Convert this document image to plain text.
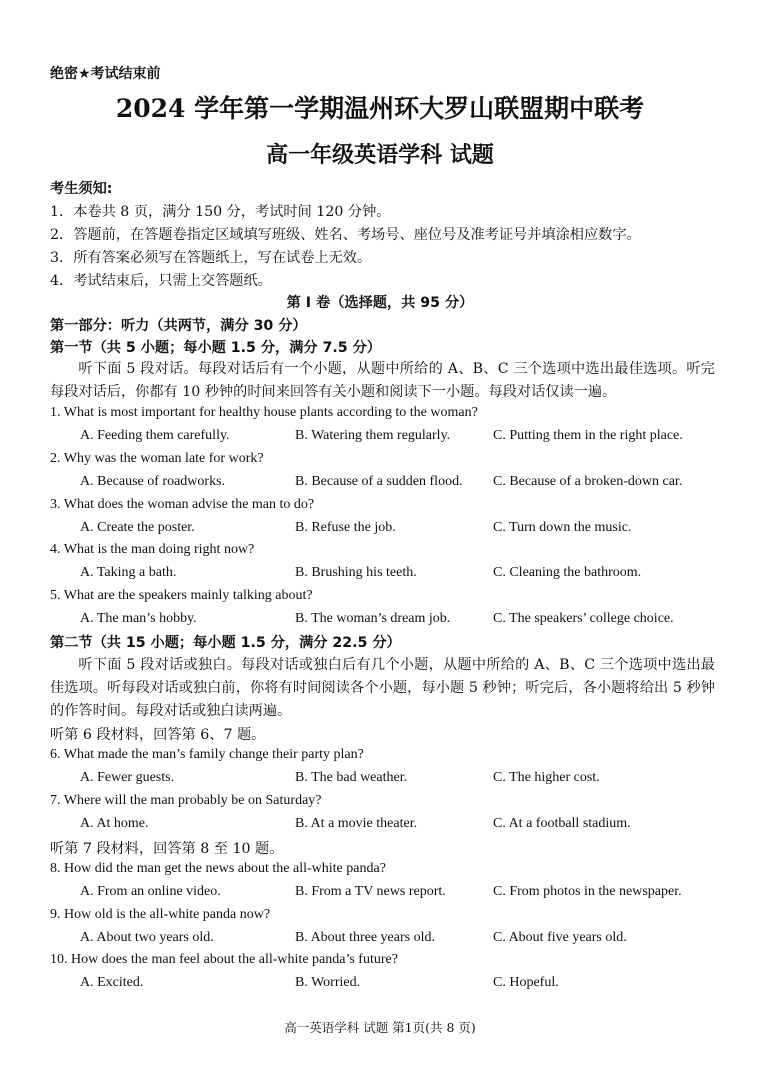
绝密★考试结束前
2024 学年第一学期温州环大罗山联盟期中联考
高一年级英语学科 试题
考生须知:
1．本卷共 8 页，满分 150 分，考试时间 120 分钟。
2．答题前，在答题卷指定区域填写班级、姓名、考场号、座位号及准考证号并填涂相应数字。
3．所有答案必须写在答题纸上，写在试卷上无效。
4．考试结束后，只需上交答题纸。
第 I 卷（选择题，共 95 分）
第一部分：听力（共两节，满分 30 分）
第一节（共 5 小题；每小题 1.5 分，满分 7.5 分）
听下面 5 段对话。每段对话后有一个小题，从题中所给的 A、B、C 三个选项中选出最佳选项。听完每段对话后，你都有 10 秒钟的时间来回答有关小题和阅读下一小题。每段对话仅读一遍。
1. What is most important for healthy house plants according to the woman?
A. Feeding them carefully.	B. Watering them regularly.	C. Putting them in the right place.
2. Why was the woman late for work?
A. Because of roadworks.	B. Because of a sudden flood. C. Because of a broken-down car.
3. What does the woman advise the man to do?
A. Create the poster.	B. Refuse the job.	C. Turn down the music.
4. What is the man doing right now?
A. Taking a bath.	B. Brushing his teeth.	C. Cleaning the bathroom.
5. What are the speakers mainly talking about?
A. The man’s hobby.	B. The woman’s dream job.	C. The speakers’ college choice.
第二节（共 15 小题；每小题 1.5 分，满分 22.5 分）
听下面 5 段对话或独白。每段对话或独白后有几个小题，从题中所给的 A、B、C 三个选项中选出最佳选项。听每段对话或独白前，你将有时间阅读各个小题，每小题 5 秒钟；听完后，各小题将给出 5 秒钟的作答时间。每段对话或独白读两遍。
听第 6 段材料，回答第 6、7 题。
6. What made the man’s family change their party plan?
A. Fewer guests.	B. The bad weather.	C. The higher cost.
7. Where will the man probably be on Saturday?
A. At home.	B. At a movie theater.	C. At a football stadium.
听第 7 段材料，回答第 8 至 10 题。
8. How did the man get the news about the all-white panda?
A. From an online video.	B. From a TV news report.	C. From photos in the newspaper.
9. How old is the all-white panda now?
A. About two years old.	B. About three years old.	C. About five years old.
10. How does the man feel about the all-white panda’s future?
A. Excited.	B. Worried.	C. Hopeful.
高一英语学科 试题 第1页(共 8 页)
